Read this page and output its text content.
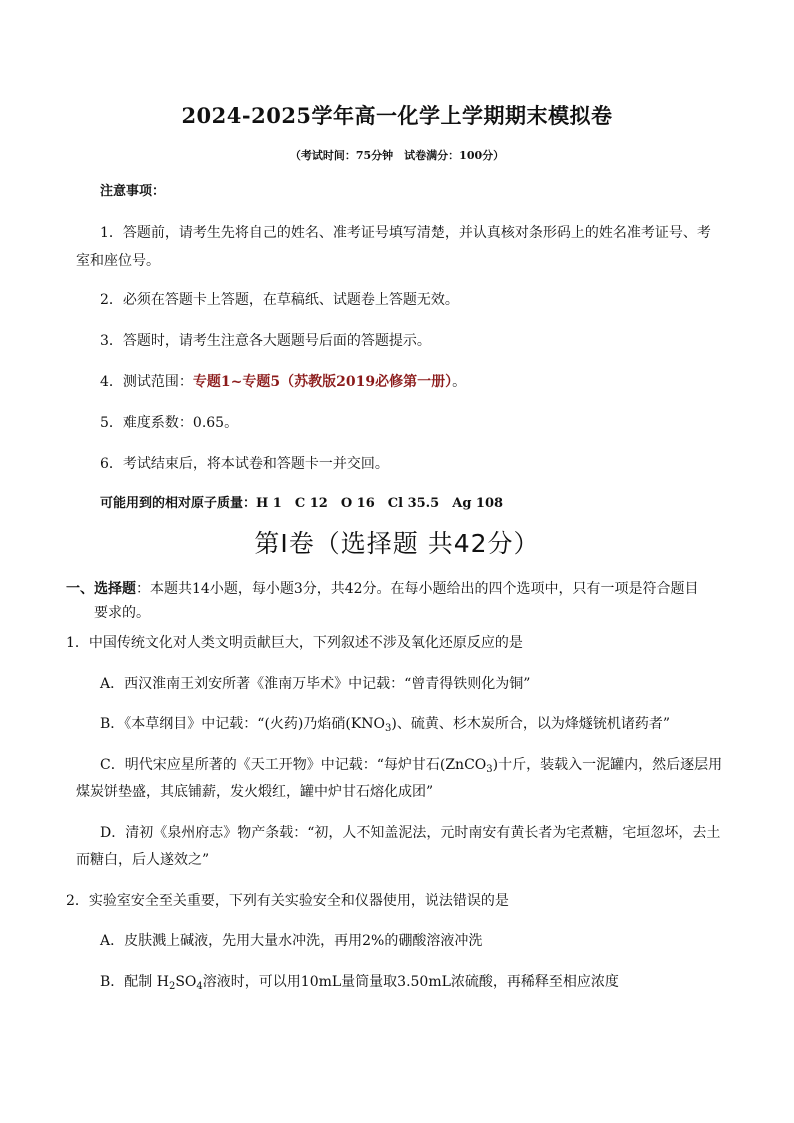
2024-2025学年高一化学上学期期末模拟卷
（考试时间：75分钟　试卷满分：100分）
注意事项：
1．答题前，请考生先将自己的姓名、准考证号填写清楚，并认真核对条形码上的姓名准考证号、考
室和座位号。
2．必须在答题卡上答题，在草稿纸、试题卷上答题无效。
3．答题时，请考生注意各大题题号后面的答题提示。
4．测试范围：专题1~专题5（苏教版2019必修第一册）。
5．难度系数：0.65。
6．考试结束后，将本试卷和答题卡一并交回。
可能用到的相对原子质量：H 1　C 12　O 16　Cl 35.5　Ag 108
第Ⅰ卷（选择题 共42分）
一、选择题：本题共14小题，每小题3分，共42分。在每小题给出的四个选项中，只有一项是符合题目
要求的。
1．中国传统文化对人类文明贡献巨大，下列叙述不涉及氧化还原反应的是
A．西汉淮南王刘安所著《淮南万毕术》中记载：“曾青得铁则化为铜”
B．《本草纲目》中记载：“(火药)乃焰硝$(KNO_3)$、硫黄、杉木炭所合，以为烽燧铳机诸药者”
C．明代宋应星所著的《天工开物》中记载：“每炉甘石(ZnCO$_3$)十斤，装载入一泥罐内，然后逐层用
煤炭饼垫盛，其底铺薪，发火煅红，罐中炉甘石熔化成团”
D．清初《泉州府志》物产条载：“初，人不知盖泥法，元时南安有黄长者为宅煮糖，宅垣忽坏，去土
而糖白，后人遂效之”
2．实验室安全至关重要，下列有关实验安全和仪器使用，说法错误的是
A．皮肤溅上碱液，先用大量水冲洗，再用2%的硼酸溶液冲洗
B．配制 $H_2SO_4$溶液时，可以用10mL量筒量取3.50mL浓硫酸，再稀释至相应浓度
